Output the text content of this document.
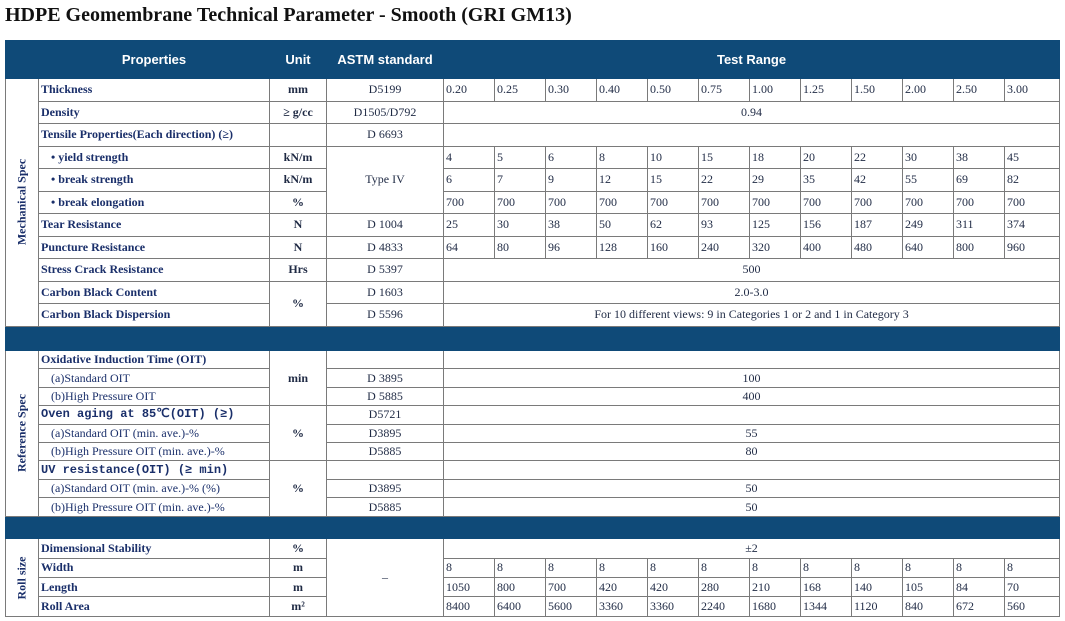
HDPE Geomembrane Technical Parameter - Smooth (GRI GM13)
	Properties	Unit	ASTM standard	Test Range											

Mechanical Spec	Thickness	mm	D5199	0.20	0.25	0.30	0.40	0.50	0.75	1.00	1.25	1.50	2.00	2.50	3.00
	Density	≥ g/cc	D1505/D792	0.94											
	Tensile Properties(Each direction) (≥)		D 6693												
	• yield strength	kN/m	Type IV	4	5	6	8	10	15	18	20	22	30	38	45
	• break strength	kN/m		6	7	9	12	15	22	29	35	42	55	69	82
	• break elongation	%		700	700	700	700	700	700	700	700	700	700	700	700
	Tear Resistance	N	D 1004	25	30	38	50	62	93	125	156	187	249	311	374
	Puncture Resistance	N	D 4833	64	80	96	128	160	240	320	400	480	640	800	960
	Stress Crack Resistance	Hrs	D 5397	500											
	Carbon Black Content	%	D 1603	2.0-3.0											
	Carbon Black Dispersion		D 5596	For 10 different views: 9 in Categories 1 or 2 and 1 in Category 3											

Reference Spec	Oxidative Induction Time (OIT)	min													
	(a)Standard OIT		D 3895	100											
	(b)High Pressure OIT		D 5885	400											
	Oven aging at 85℃(OIT) (≥)	%	D5721												
	(a)Standard OIT (min. ave.)-%		D3895	55											
	(b)High Pressure OIT (min. ave.)-%		D5885	80											
	UV resistance(OIT) (≥ min)	%													
	(a)Standard OIT (min. ave.)-% (%)		D3895	50											
	(b)High Pressure OIT (min. ave.)-%		D5885	50											

Roll size	Dimensional Stability	%	–	±2											
	Width	m		8	8	8	8	8	8	8	8	8	8	8	8
	Length	m		1050	800	700	420	420	280	210	168	140	105	84	70
	Roll Area	m²		8400	6400	5600	3360	3360	2240	1680	1344	1120	840	672	560
